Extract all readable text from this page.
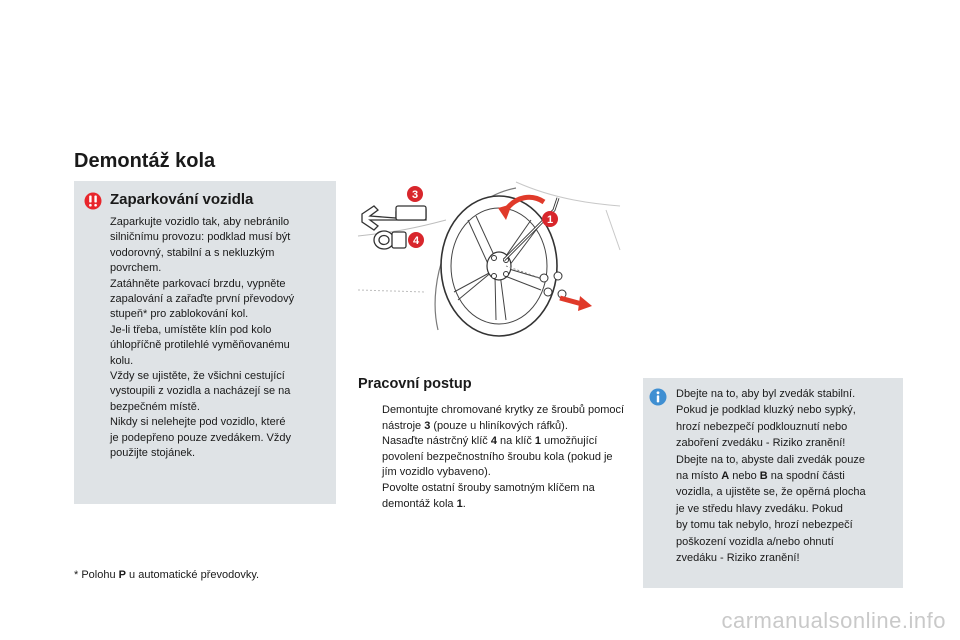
Demontáž kola
Zaparkování vozidla

Zaparkujte vozidlo tak, aby nebránilo
silničnímu provozu: podklad musí být
vodorovný, stabilní a s nekluzkým
povrchem.
Zatáhněte parkovací brzdu, vypněte
zapalování a zařaďte první převodový
stupeň* pro zablokování kol.
Je-li třeba, umístěte klín pod kolo
úhlopříčně protilehlé vyměňovanému
kolu.
Vždy se ujistěte, že všichni cestující
vystoupili z vozidla a nacházejí se na
bezpečném místě.
Nikdy si nelehejte pod vozidlo, které
je podepřeno pouze zvedákem. Vždy
použijte stojánek.

3
4
1
Pracovní postup
Demontujte chromované krytky ze šroubů pomocí nástroje 3 (pouze u hliníkových ráfků).
Nasaďte nástrčný klíč 4 na klíč 1 umožňující povolení bezpečnostního šroubu kola (pokud je jím vozidlo vybaveno).
Povolte ostatní šrouby samotným klíčem na demontáž kola 1.
Dbejte na to, aby byl zvedák stabilní.
Pokud je podklad kluzký nebo sypký,
hrozí nebezpečí podklouznutí nebo
zaboření zvedáku - Riziko zranění!
Dbejte na to, abyste dali zvedák pouze
na místo A nebo B na spodní části
vozidla, a ujistěte se, že opěrná plocha
je ve středu hlavy zvedáku. Pokud
by tomu tak nebylo, hrozí nebezpečí
poškození vozidla a/nebo ohnutí
zvedáku - Riziko zranění!

* Polohu P u automatické převodovky.

carmanualsonline.info
